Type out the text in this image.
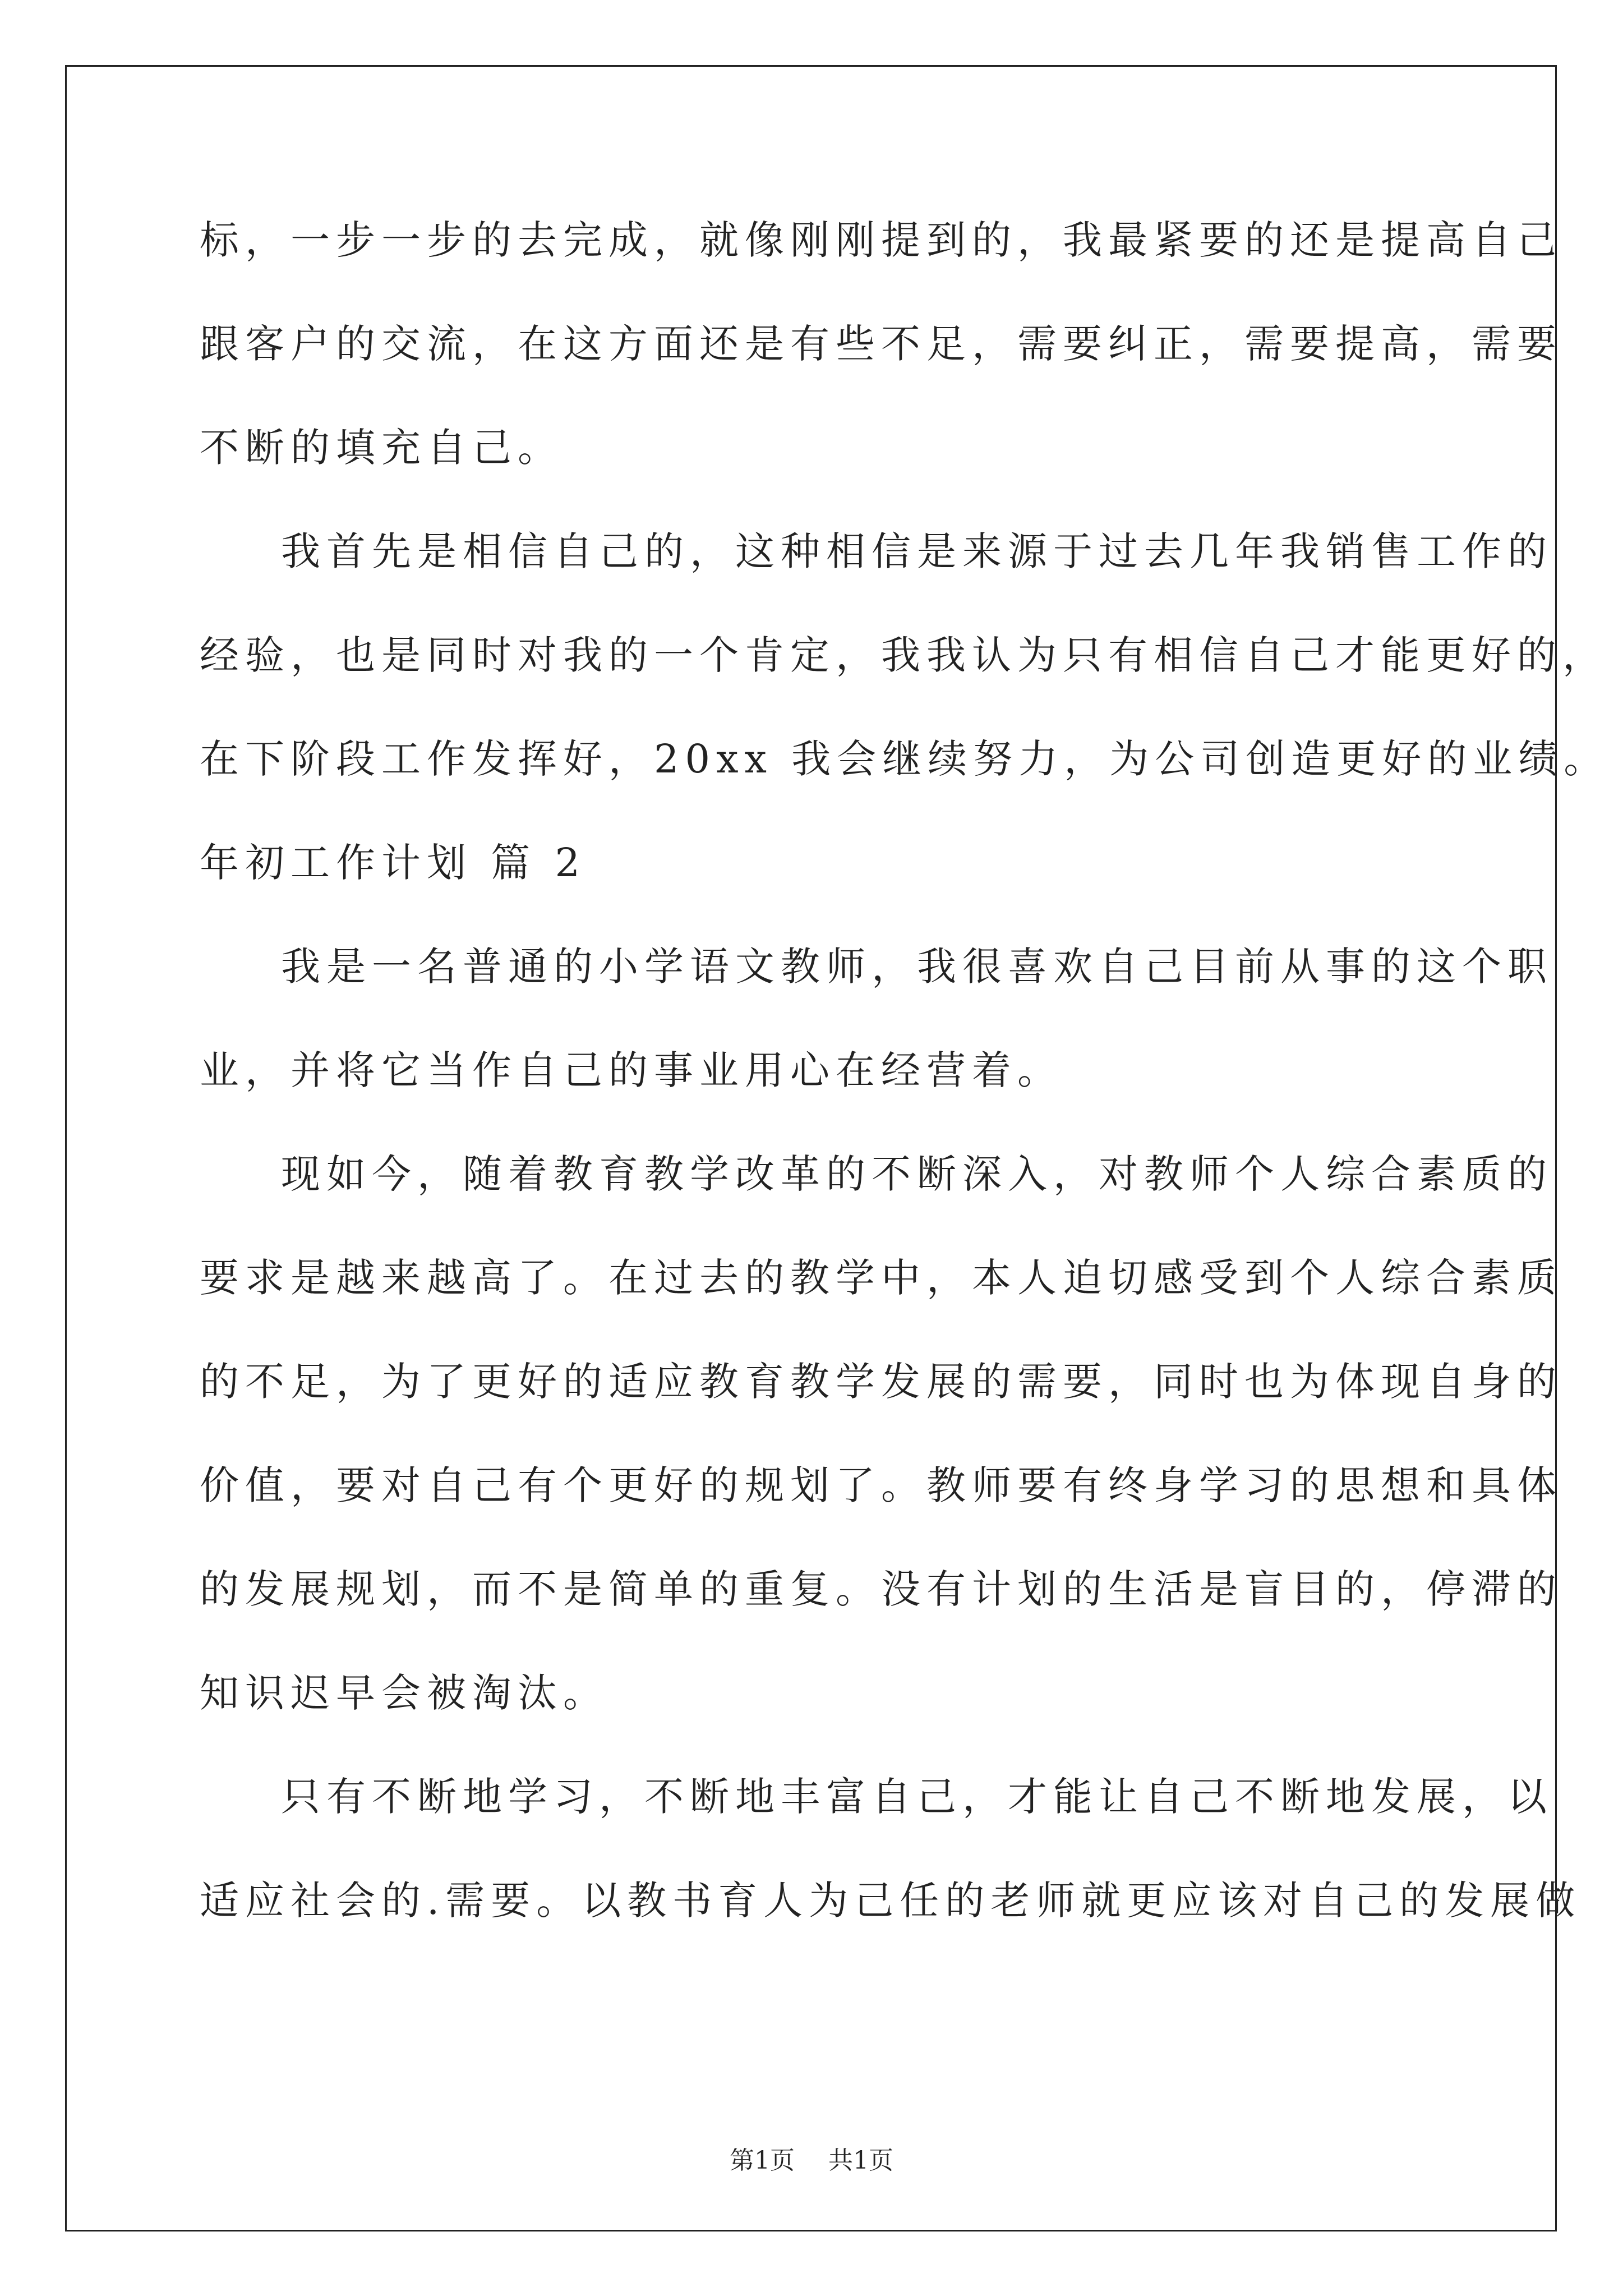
标，一步一步的去完成，就像刚刚提到的，我最紧要的还是提高自己
跟客户的交流，在这方面还是有些不足，需要纠正，需要提高，需要
不断的填充自己。
我首先是相信自己的，这种相信是来源于过去几年我销售工作的
经验，也是同时对我的一个肯定，我我认为只有相信自己才能更好的，
在下阶段工作发挥好，20xx 我会继续努力，为公司创造更好的业绩。
年初工作计划 篇 2
我是一名普通的小学语文教师，我很喜欢自己目前从事的这个职
业，并将它当作自己的事业用心在经营着。
现如今，随着教育教学改革的不断深入，对教师个人综合素质的
要求是越来越高了。在过去的教学中，本人迫切感受到个人综合素质
的不足，为了更好的适应教育教学发展的需要，同时也为体现自身的
价值，要对自己有个更好的规划了。教师要有终身学习的思想和具体
的发展规划，而不是简单的重复。没有计划的生活是盲目的，停滞的
知识迟早会被淘汰。
只有不断地学习，不断地丰富自己，才能让自己不断地发展，以
适应社会的.需要。以教书育人为己任的老师就更应该对自己的发展做
第1页 共1页
